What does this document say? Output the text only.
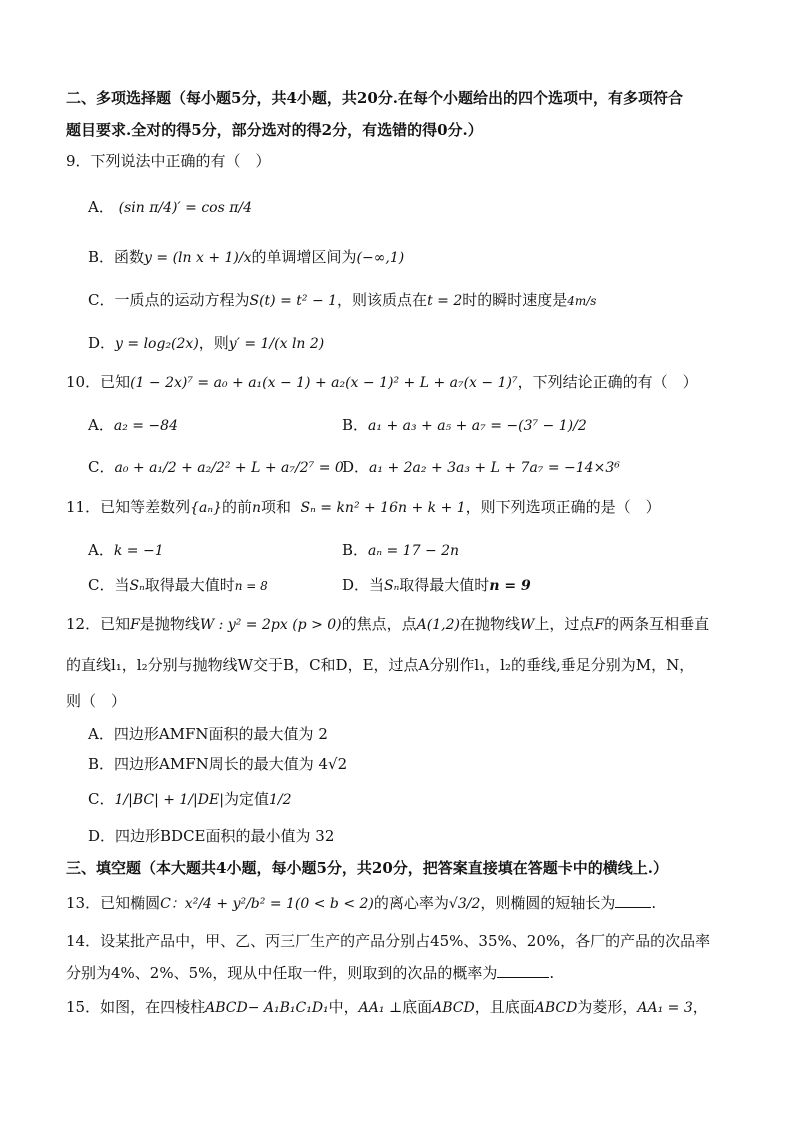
二、多项选择题（每小题5分，共4小题，共20分.在每个小题给出的四个选项中，有多项符合
题目要求.全对的得5分，部分选对的得2分，有选错的得0分.）
9．下列说法中正确的有（　）
A． (sin π/4)′ = cos π/4
B．函数y = (ln x + 1)/x的单调增区间为(−∞,1)
C．一质点的运动方程为S(t) = t² − 1，则该质点在t = 2时的瞬时速度是4m/s
D．y = log₂(2x)，则y′ = 1/(x ln 2)
10．已知(1 − 2x)⁷ = a₀ + a₁(x − 1) + a₂(x − 1)² + L + a₇(x − 1)⁷，下列结论正确的有（　）
A．a₂ = −84	B．a₁ + a₃ + a₅ + a₇ = −(3⁷ − 1)/2
C．a₀ + a₁/2 + a₂/2² + L + a₇/2⁷ = 0
D．a₁ + 2a₂ + 3a₃ + L + 7a₇ = −14×3⁶
11．已知等差数列{aₙ}的前n项和 Sₙ = kn² + 16n + k + 1，则下列选项正确的是（　）
A．k = −1	B．aₙ = 17 − 2n
C．当Sₙ取得最大值时n = 8	D．当Sₙ取得最大值时n = 9
12．已知F是抛物线W : y² = 2px (p > 0)的焦点，点A(1,2)在抛物线W上，过点F的两条互相垂直
的直线l₁，l₂分别与抛物线W交于B，C和D，E，过点A分别作l₁，l₂的垂线,垂足分别为M，N，
则（　）
A．四边形AMFN面积的最大值为 2
B．四边形AMFN周长的最大值为 4√2
C．1/|BC| + 1/|DE|为定值1/2
D．四边形BDCE面积的最小值为 32
三、填空题（本大题共4小题，每小题5分，共20分，把答案直接填在答题卡中的横线上.）
13．已知椭圆C：x²/4 + y²/b² = 1(0 < b < 2)的离心率为√3/2，则椭圆的短轴长为 .
14．设某批产品中，甲、乙、丙三厂生产的产品分别占45%、35%、20%，各厂的产品的次品率
分别为4%、2%、5%，现从中任取一件，则取到的次品的概率为	.
15．如图，在四棱柱ABCD− A₁B₁C₁D₁中，AA₁ ⊥底面ABCD，且底面ABCD为菱形，AA₁ = 3，
